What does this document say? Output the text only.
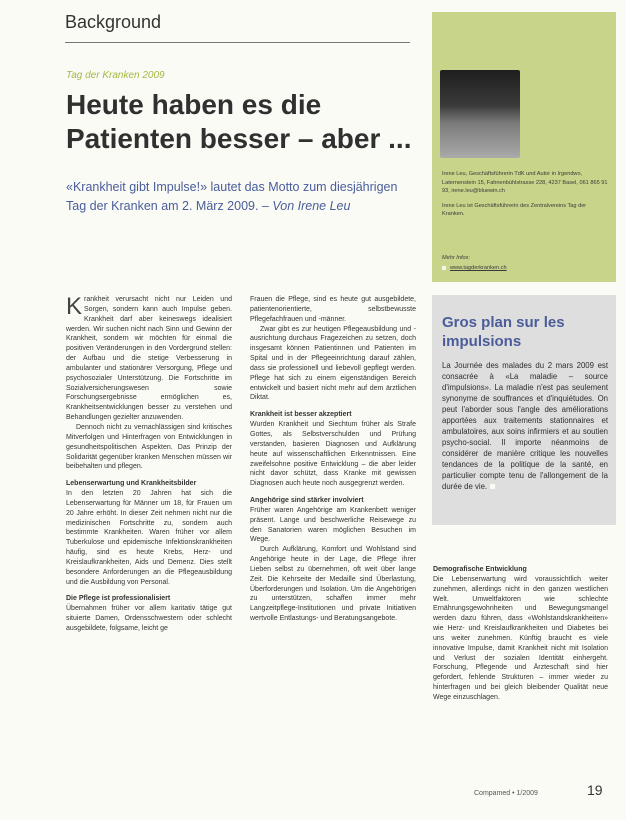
Background
Tag der Kranken 2009
Heute haben es die
Patienten besser – aber ...
«Krankheit gibt Impulse!» lautet das Motto zum diesjährigen Tag der Kranken am 2. März 2009. – Von Irene Leu
Irene Leu, Geschäftsführerin TdK und Autor in Irgendwo, Laternenstein 15, Fahnenbühlstrasse 228, 4237 Basel, 061 865 91 93, irene.leu@bluewin.ch
Irene Leu ist Geschäftsführerin des Zentralvereins Tag der Kranken.
Mehr Infos:
www.tagderkranken.ch
Gros plan sur les impulsions
La Journée des malades du 2 mars 2009 est consacrée à «La maladie – source d'impulsions». La maladie n'est pas seulement synonyme de souffrances et d'inquiétudes. On peut l'aborder sous l'angle des améliorations apportées aux traitements stationnaires et ambulatoires, aux soins infirmiers et au soutien psycho-social. Il importe néanmoins de considérer de manière critique les nouvelles tendances de la politique de la santé, en particulier compte tenu de l'allongement de la durée de vie.

Krankheit verursacht nicht nur Leiden und Sorgen, sondern kann auch Impulse geben. Krankheit darf aber keineswegs idealisiert werden. Wir suchen nicht nach Sinn und Gewinn der Krankheit, sondern wir möchten für einmal die positiven Veränderungen in den Vordergrund stellen: der Aufbau und die stetige Verbesserung in ambulanter und stationärer Versorgung, Pflege und psychosozialer Unterstützung. Die Fortschritte im Sozialversicherungswesen sowie Forschungsergebnisse ermöglichen es, Krankheitsentwicklungen besser zu verstehen und Behandlungen gezielter anzuwenden.

Dennoch nicht zu vernachlässigen sind kritisches Mitverfolgen und Hinterfragen von Entwicklungen in gesundheitspolitischen Aspekten. Das Prinzip der Solidarität gegenüber kranken Menschen müssen wir beibehalten und pflegen.

Lebenserwartung und Krankheitsbilder

In den letzten 20 Jahren hat sich die Lebenserwartung für Männer um 18, für Frauen um 20 Jahre erhöht. In dieser Zeit nehmen nicht nur die medizinischen Fortschritte zu, sondern auch bestimmte Krankheiten. Waren früher vor allem Tuberkulose und epidemische Infektionskrankheiten häufig, sind es heute Krebs, Herz- und Kreislaufkrankheiten, Aids und Demenz. Dies stellt besondere Anforderungen an die Pflegeausbildung und die Ausbildung von Personal.

Die Pflege ist professionalisiert

Übernahmen früher vor allem karitativ tätige gut situierte Damen, Ordensschwestern oder schlecht ausgebildete, folgsame, leicht ge

Frauen die Pflege, sind es heute gut ausgebildete, patientenorientierte, selbstbewusste Pflegefachfrauen und -männer.

Zwar gibt es zur heutigen Pflegeausbildung und -ausrichtung durchaus Fragezeichen zu setzen, doch insgesamt können Patientinnen und Patienten im Spital und in der Pflegeeinrichtung darauf zählen, dass sie professionell und liebevoll gepflegt werden. Pflege hat sich zu einem eigenständigen Bereich entwickelt und basiert nicht mehr auf dem ärztlichen Diktat.

Krankheit ist besser akzeptiert

Wurden Krankheit und Siechtum früher als Strafe Gottes, als Selbstverschulden und Prüfung verstanden, basieren Diagnosen und Aufklärung heute auf wissenschaftlichen Erkenntnissen. Eine zweifelsohne positive Entwicklung – die aber leider nicht davor schützt, dass Kranke mit gewissen Diagnosen auch heute noch ausgegrenzt werden.

Angehörige sind stärker involviert

Früher waren Angehörige am Krankenbett weniger präsent. Lange und beschwerliche Reisewege zu den Sanatorien waren möglichen Besuchen im Wege.

Durch Aufklärung, Komfort und Wohlstand sind Angehörige heute in der Lage, die Pflege ihrer Lieben selbst zu übernehmen, oft weit über lange Zeit. Die Kehrseite der Medaille sind Überlastung, Überforderungen und Isolation. Um die Angehörigen zu unterstützen, schaffen immer mehr Langzeitpflege-Institutionen und private Initiativen wertvolle Entlastungs- und Beratungsangebote.

Demografische Entwicklung

Die Lebenserwartung wird voraussichtlich weiter zunehmen, allerdings nicht in den ganzen westlichen Welt. Umweltfaktoren wie schlechte Ernährungsgewohnheiten und Bewegungsmangel werden dazu führen, dass «Wohlstandskrankheiten» wie Herz- und Kreislaufkrankheiten und Diabetes bei uns weiter zunehmen. Künftig braucht es viele innovative Impulse, damit Krankheit nicht mit Isolation und Verlust der sozialen Identität einhergeht. Forschung, Pflegende und Ärzteschaft sind hier gefordert, fehlende Strukturen – immer wieder zu hinterfragen und bei gleich bleibender Qualität neue Wege einzuschlagen.

Compamed • 1/2009	19
